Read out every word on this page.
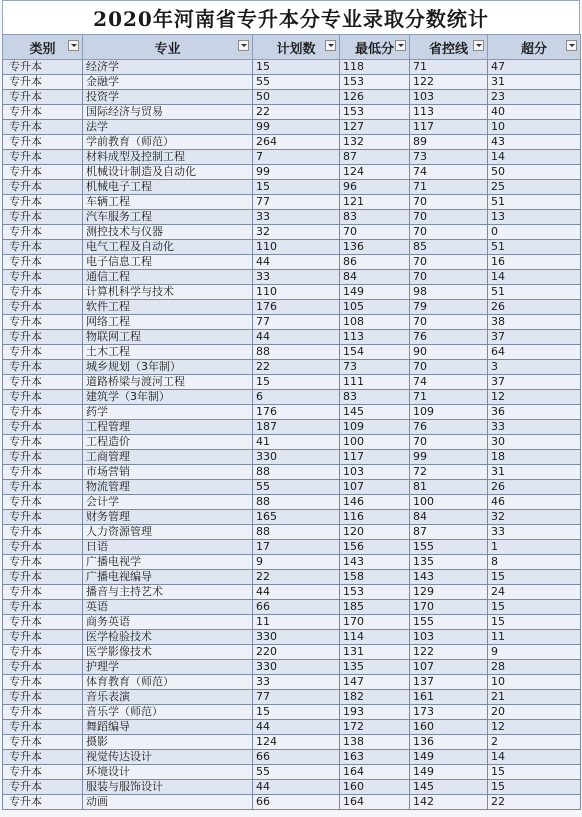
2020年河南省专升本分专业录取分数统计
类别	专业	计划数	最低分	省控线	超分

专升本	经济学	15	118	71	47
专升本	金融学	55	153	122	31
专升本	投资学	50	126	103	23
专升本	国际经济与贸易	22	153	113	40
专升本	法学	99	127	117	10
专升本	学前教育（师范）	264	132	89	43
专升本	材料成型及控制工程	7	87	73	14
专升本	机械设计制造及自动化	99	124	74	50
专升本	机械电子工程	15	96	71	25
专升本	车辆工程	77	121	70	51
专升本	汽车服务工程	33	83	70	13
专升本	测控技术与仪器	32	70	70	0
专升本	电气工程及自动化	110	136	85	51
专升本	电子信息工程	44	86	70	16
专升本	通信工程	33	84	70	14
专升本	计算机科学与技术	110	149	98	51
专升本	软件工程	176	105	79	26
专升本	网络工程	77	108	70	38
专升本	物联网工程	44	113	76	37
专升本	土木工程	88	154	90	64
专升本	城乡规划（3年制）	22	73	70	3
专升本	道路桥梁与渡河工程	15	111	74	37
专升本	建筑学（3年制）	6	83	71	12
专升本	药学	176	145	109	36
专升本	工程管理	187	109	76	33
专升本	工程造价	41	100	70	30
专升本	工商管理	330	117	99	18
专升本	市场营销	88	103	72	31
专升本	物流管理	55	107	81	26
专升本	会计学	88	146	100	46
专升本	财务管理	165	116	84	32
专升本	人力资源管理	88	120	87	33
专升本	日语	17	156	155	1
专升本	广播电视学	9	143	135	8
专升本	广播电视编导	22	158	143	15
专升本	播音与主持艺术	44	153	129	24
专升本	英语	66	185	170	15
专升本	商务英语	11	170	155	15
专升本	医学检验技术	330	114	103	11
专升本	医学影像技术	220	131	122	9
专升本	护理学	330	135	107	28
专升本	体育教育（师范）	33	147	137	10
专升本	音乐表演	77	182	161	21
专升本	音乐学（师范）	15	193	173	20
专升本	舞蹈编导	44	172	160	12
专升本	摄影	124	138	136	2
专升本	视觉传达设计	66	163	149	14
专升本	环境设计	55	164	149	15
专升本	服装与服饰设计	44	160	145	15
专升本	动画	66	164	142	22
